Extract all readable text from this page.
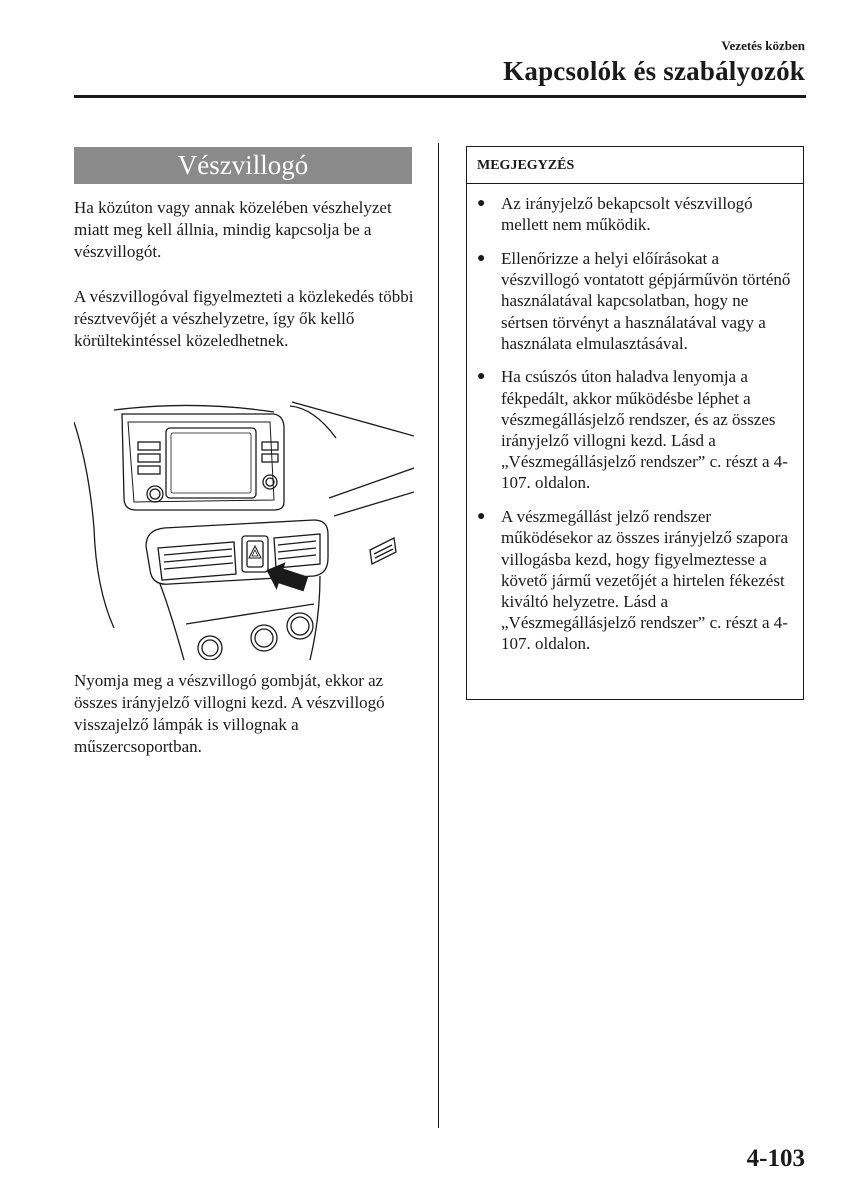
Vezetés közben
Kapcsolók és szabályozók
Vészvillogó

Ha közúton vagy annak közelében vészhelyzet miatt meg kell állnia, mindig kapcsolja be a vészvillogót.

A vészvillogóval figyelmezteti a közlekedés többi résztvevőjét a vészhelyzetre, így ők kellő körültekintéssel közeledhetnek.

Nyomja meg a vészvillogó gombját, ekkor az összes irányjelző villogni kezd. A vészvillogó visszajelző lámpák is villognak a műszercsoportban.

MEGJEGYZÉS
● Az irányjelző bekapcsolt vészvillogó mellett nem működik.
● Ellenőrizze a helyi előírásokat a vészvillogó vontatott gépjárművön történő használatával kapcsolatban, hogy ne sértsen törvényt a használatával vagy a használata elmulasztásával.
● Ha csúszós úton haladva lenyomja a fékpedált, akkor működésbe léphet a vészmegállásjelző rendszer, és az összes irányjelző villogni kezd. Lásd a „Vészmegállásjelző rendszer” c. részt a 4-107. oldalon.
● A vészmegállást jelző rendszer működésekor az összes irányjelző szapora villogásba kezd, hogy figyelmeztesse a követő jármű vezetőjét a hirtelen fékezést kiváltó helyzetre. Lásd a „Vészmegállásjelző rendszer” c. részt a 4-107. oldalon.
4-103
